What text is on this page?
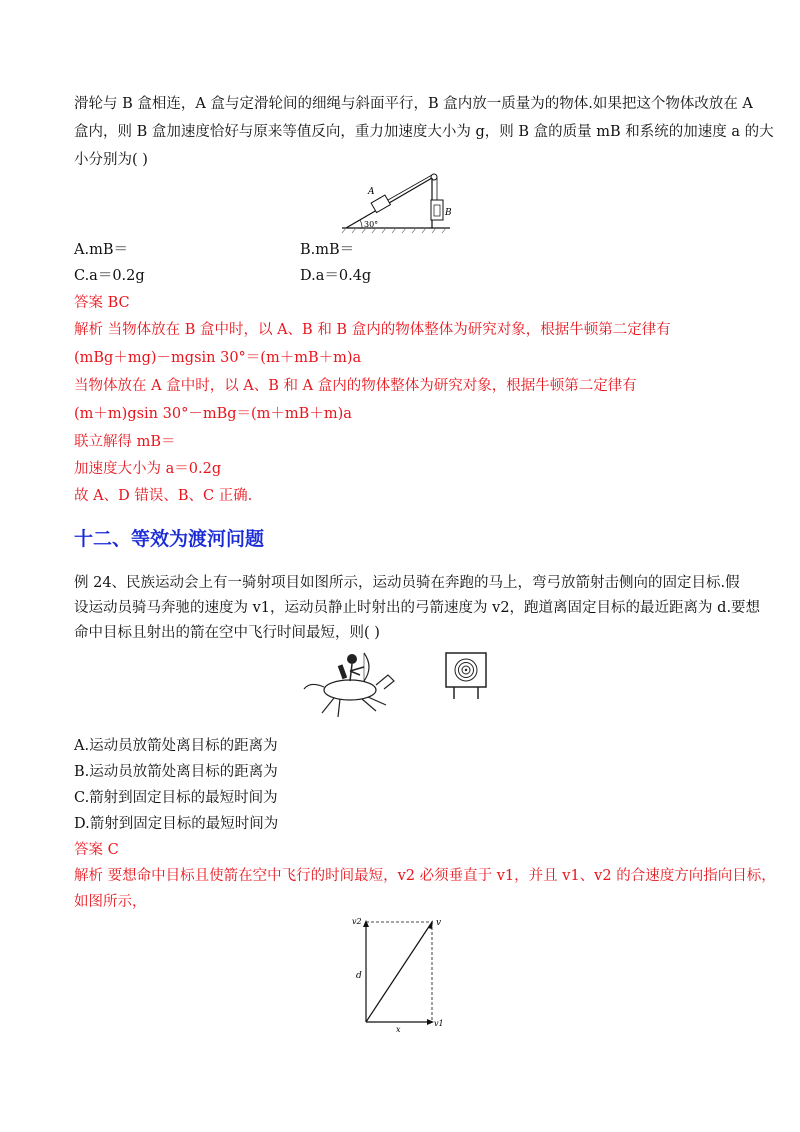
滑轮与 B 盒相连，A 盒与定滑轮间的细绳与斜面平行，B 盒内放一质量为的物体.如果把这个物体改放在 A
盒内，则 B 盒加速度恰好与原来等值反向，重力加速度大小为 g，则 B 盒的质量 mB 和系统的加速度 a 的大
小分别为( )
A
B
30°
A.mB＝	B.mB＝
C.a＝0.2g	D.a＝0.4g
答案 BC
解析 当物体放在 B 盒中时，以 A、B 和 B 盒内的物体整体为研究对象，根据牛顿第二定律有
(mBg＋mg)－mgsin 30°＝(m＋mB＋m)a
当物体放在 A 盒中时，以 A、B 和 A 盒内的物体整体为研究对象，根据牛顿第二定律有
(m＋m)gsin 30°－mBg＝(m＋mB＋m)a
联立解得 mB＝
加速度大小为 a＝0.2g
故 A、D 错误、B、C 正确.
十二、等效为渡河问题
例 24、民族运动会上有一骑射项目如图所示，运动员骑在奔跑的马上，弯弓放箭射击侧向的固定目标.假
设运动员骑马奔驰的速度为 v1，运动员静止时射出的弓箭速度为 v2，跑道离固定目标的最近距离为 d.要想
命中目标且射出的箭在空中飞行时间最短，则( )
A.运动员放箭处离目标的距离为
B.运动员放箭处离目标的距离为
C.箭射到固定目标的最短时间为
D.箭射到固定目标的最短时间为
答案 C
解析 要想命中目标且使箭在空中飞行的时间最短，v2 必须垂直于 v1，并且 v1、v2 的合速度方向指向目标，
如图所示，
v2	v
d
x
v1
